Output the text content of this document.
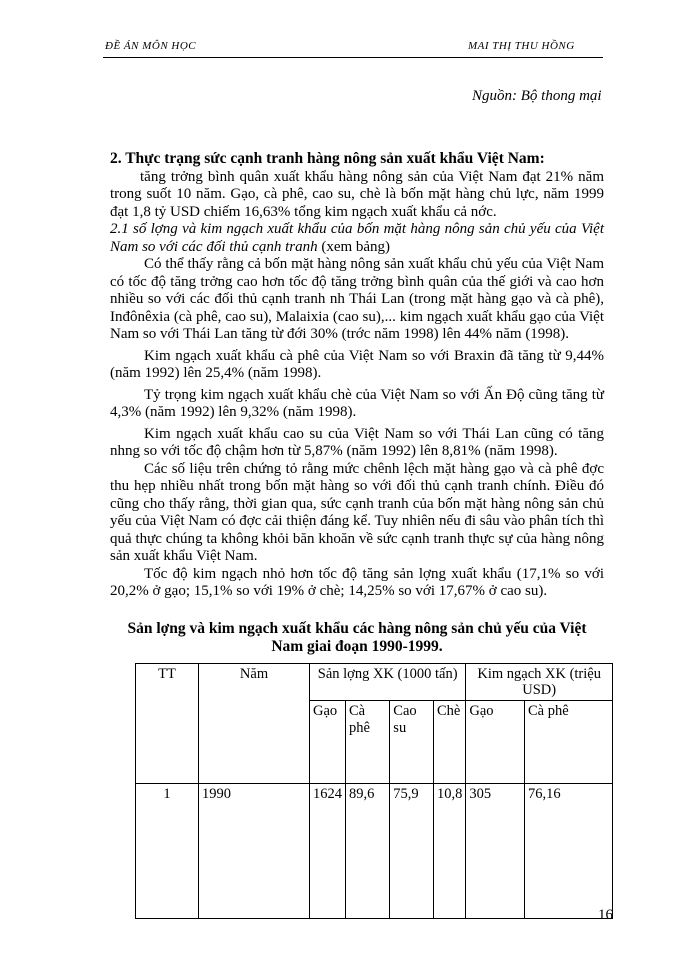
ĐỀ ÁN MÔN HỌC	MAI THỊ THU HỒNG
Nguồn: Bộ thong mại

2. Thực trạng sức cạnh tranh hàng nông sản xuất khẩu Việt Nam:

tăng trởng bình quân xuất khẩu hàng nông sản của Việt Nam đạt 21% năm trong suốt 10 năm. Gạo, cà phê, cao su, chè là bốn mặt hàng chủ lực, năm 1999 đạt 1,8 tỷ USD chiếm 16,63% tổng kim ngạch xuất khẩu cả nớc.

2.1 số lợng và kim ngạch xuất khẩu của bốn mặt hàng nông sản chủ yếu của Việt Nam so với các đối thủ cạnh tranh (xem bảng)

Có thể thấy rằng cả bốn mặt hàng nông sản xuất khẩu chủ yếu của Việt Nam có tốc độ tăng trởng cao hơn tốc độ tăng trởng bình quân của thế giới và cao hơn nhiều so với các đối thủ cạnh tranh nh Thái Lan (trong mặt hàng gạo và cà phê), Inđônêxia (cà phê, cao su), Malaixia (cao su),... kim ngạch xuất khẩu gạo của Việt Nam so với Thái Lan tăng từ đới 30% (trớc năm 1998) lên 44% năm (1998).

Kim ngạch xuất khẩu cà phê của Việt Nam so với Braxin đã tăng từ 9,44% (năm 1992) lên 25,4% (năm 1998).

Tỷ trọng kim ngạch xuất khẩu chè của Việt Nam so với Ấn Độ cũng tăng từ 4,3% (năm 1992) lên 9,32% (năm 1998).

Kim ngạch xuất khẩu cao su của Việt Nam so với Thái Lan cũng có tăng nhng so với tốc độ chậm hơn từ 5,87% (năm 1992) lên 8,81% (năm 1998).

Các số liệu trên chứng tỏ rằng mức chênh lệch mặt hàng gạo và cà phê đợc thu hẹp nhiều nhất trong bốn mặt hàng so với đối thủ cạnh tranh chính. Điều đó cũng cho thấy rằng, thời gian qua, sức cạnh tranh của bốn mặt hàng nông sản chủ yếu của Việt Nam có đợc cải thiện đáng kể. Tuy nhiên nếu đi sâu vào phân tích thì quả thực chúng ta không khỏi băn khoăn về sức cạnh tranh thực sự của hàng nông sản xuất khẩu Việt Nam.

Tốc độ kim ngạch nhỏ hơn tốc độ tăng sản lợng xuất khẩu (17,1% so với 20,2% ở gạo; 15,1% so với 19% ở chè; 14,25% so với 17,67% ở cao su).

Sản lợng và kim ngạch xuất khẩu các hàng nông sản chủ yếu của Việt Nam giai đoạn 1990-1999.
TT	Năm	Sản lợng XK (1000 tấn)				Kim ngạch XK (triệu USD)	
		Gạo	Cà phê	Cao su	Chè	Gạo	Cà phê
1	1990	1624	89,6	75,9	10,8	305	76,16
16
